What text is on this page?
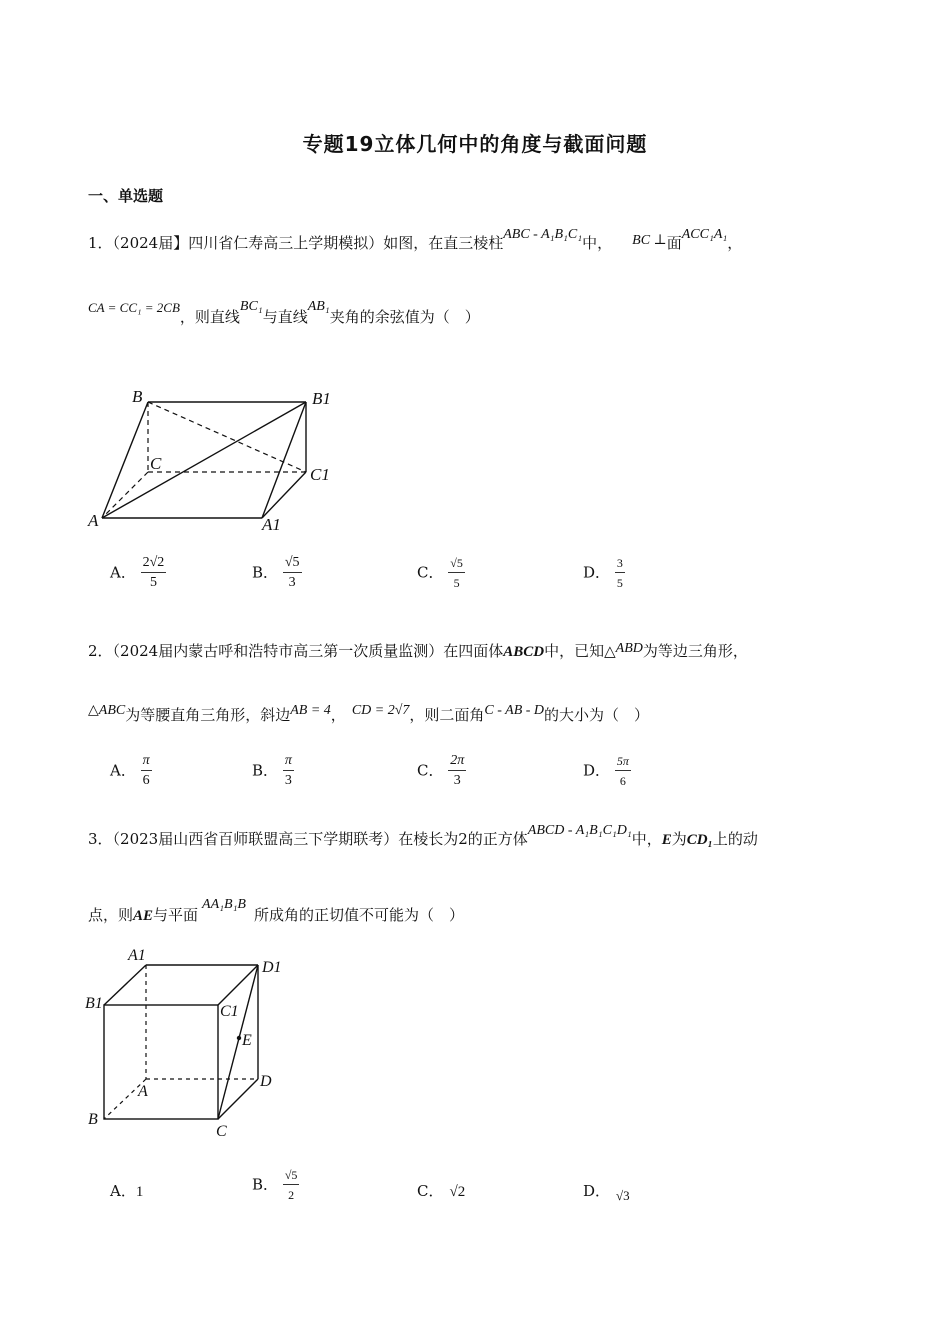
专题19立体几何中的角度与截面问题
一、单选题
1．（2024届】四川省仁寿高三上学期模拟）如图，在直三棱柱ABC - A₁B₁C₁中， BC ⊥面ACC₁A₁，
CA = CC₁ = 2CB，则直线BC₁与直线AB₁夹角的余弦值为（　）
B	B1
C
C1
A	A1
A． $\frac{2√2}{5}$	B． $\frac{√5}{3}$	C． $\frac{√5}{5}$	D． $\frac{3}{5}$
2．（2024届内蒙古呼和浩特市高三第一次质量监测）在四面体ABCD中，已知△ABD为等边三角形，
△ABC为等腰直角三角形，斜边AB = 4， CD = 2√7，则二面角C - AB - D的大小为（　）
A． $\frac{\pi}{6}$	B． $\frac{\pi}{3}$	C． $\frac{2\pi}{3}$	D． $\frac{5\pi}{6}$
3．（2023届山西省百师联盟高三下学期联考）在棱长为2的正方体ABCD - A₁B₁C₁D₁中，E为CD₁上的动
点，则AE与平面AA₁B₁B所成角的正切值不可能为（　）
A1
D1
B1	C1
E
A
D
B
C
A．1	B． $\frac{√5}{2}$	C． √2	D． √3
